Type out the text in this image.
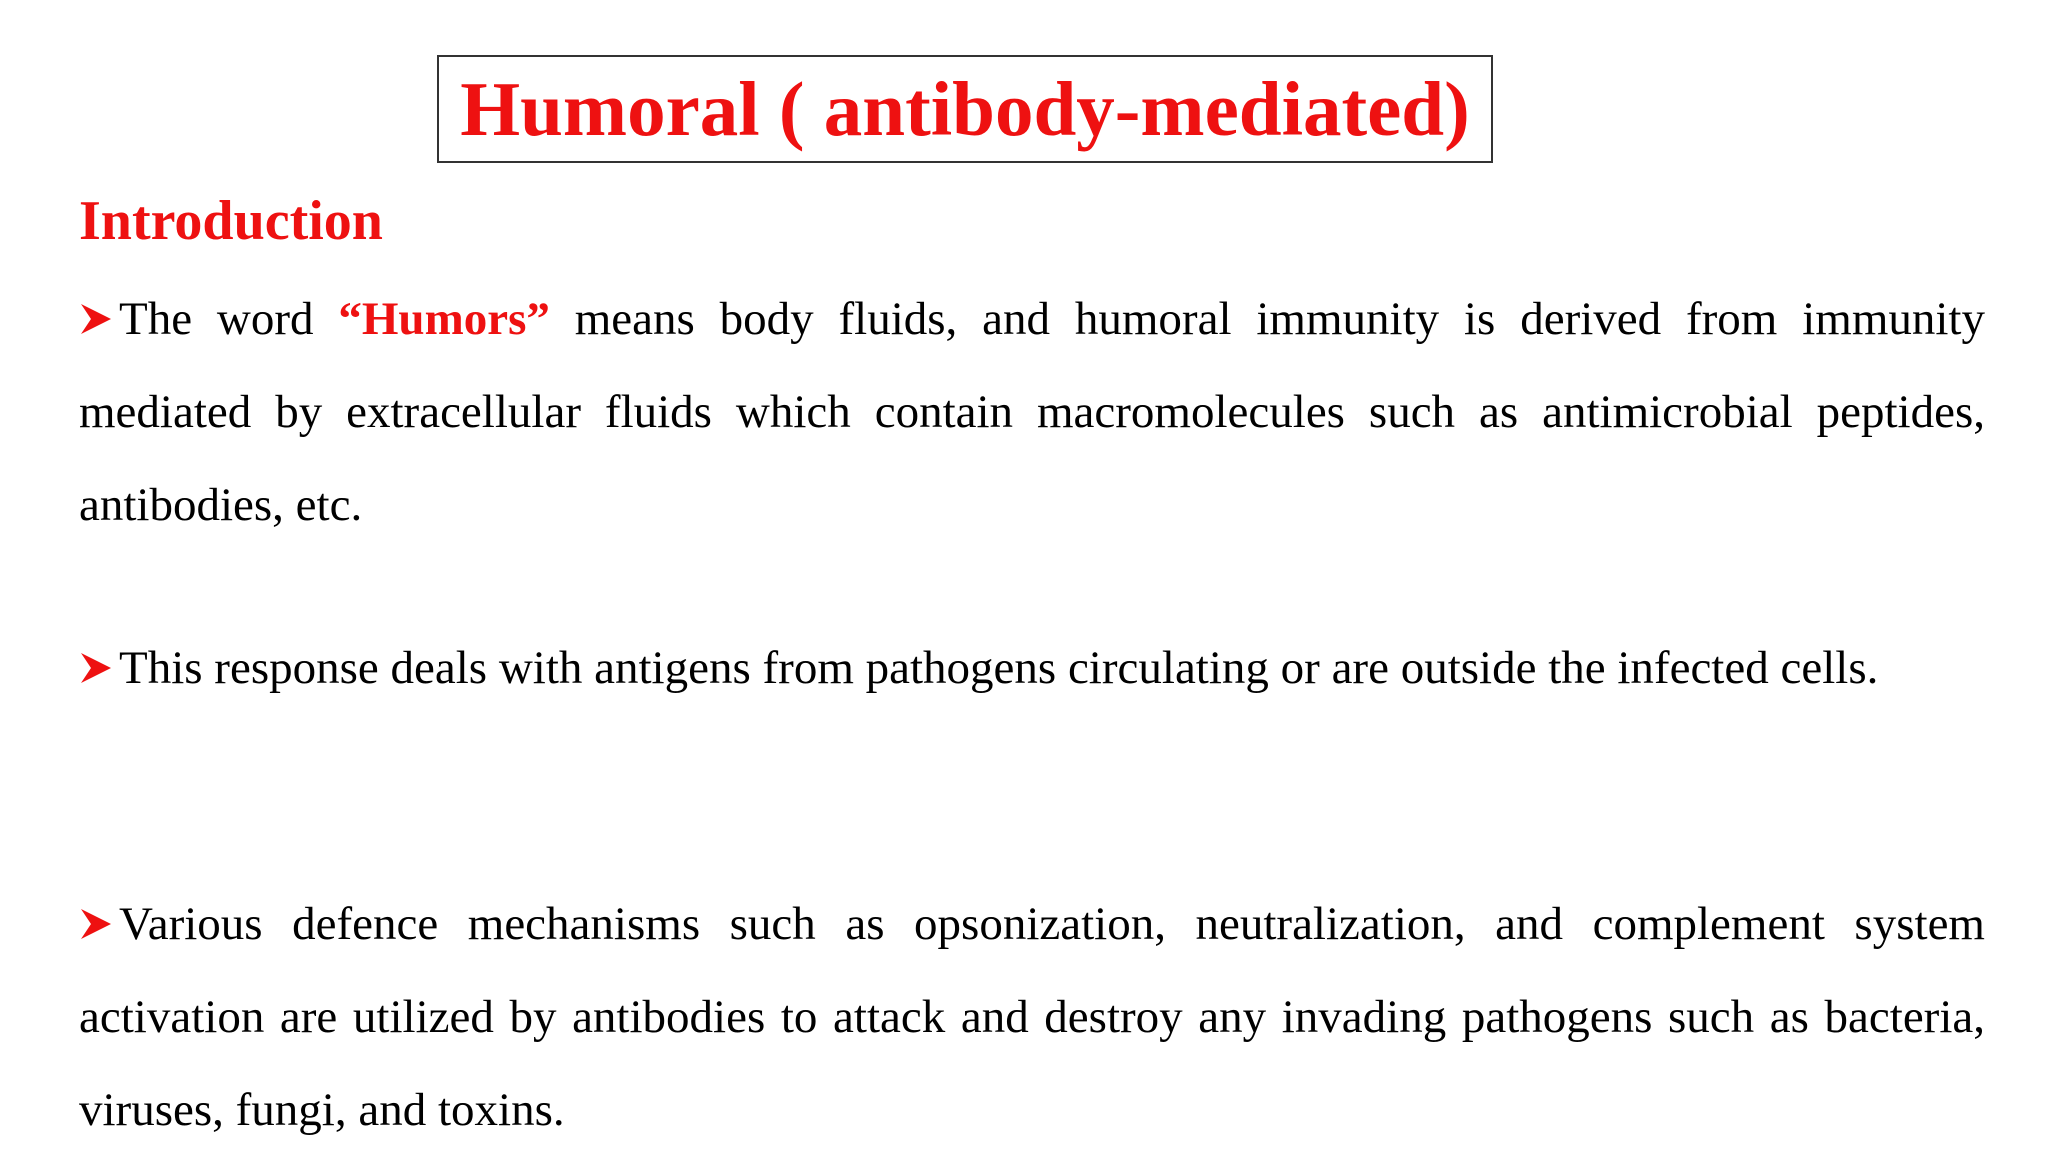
Humoral ( antibody-mediated)
Introduction

The word “Humors” means body fluids, and humoral immunity is derived from immunity mediated by extracellular fluids which contain macromolecules such as antimicrobial peptides, antibodies, etc.

This response deals with antigens from pathogens circulating or are outside the infected cells.

Various defence mechanisms such as opsonization, neutralization, and complement system activation are utilized by antibodies to attack and destroy any invading pathogens such as bacteria, viruses, fungi, and toxins.
